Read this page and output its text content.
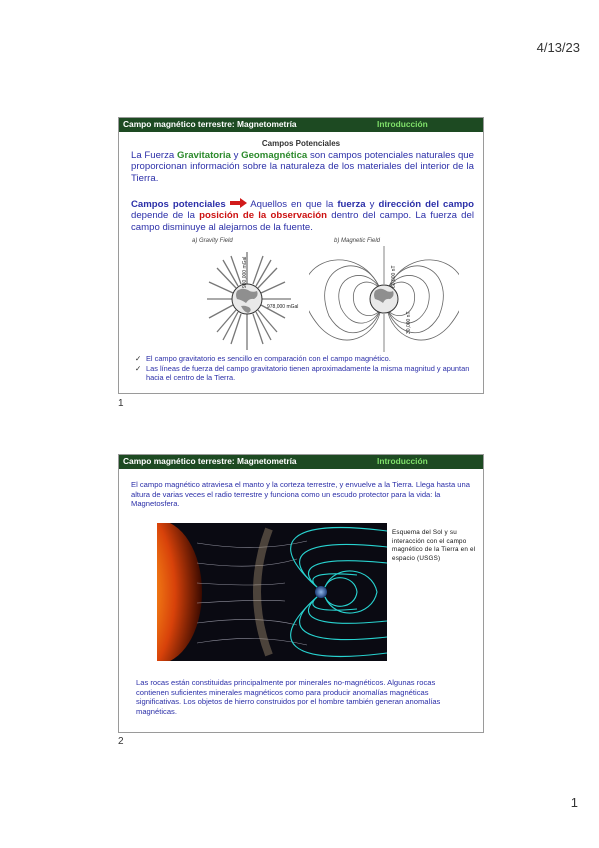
4/13/23
Campo magnético terrestre: Magnetometría	Introducción
Campos Potenciales
La Fuerza Gravitatoria y Geomagnética son campos potenciales naturales que proporcionan información sobre la naturaleza de los materiales del interior de la Tierra.
Campos potenciales  Aquellos en que la fuerza y dirección del campo depende de la posición de la observación dentro del campo. La fuerza del campo disminuye al alejarnos de la fuente.
a) Gravity Field	b) Magnetic Field
980,000 mGal
978,000 mGal
60,000 nT
30,000 nT
✓ El campo gravitatorio es sencillo en comparación con el campo magnético.
✓ Las líneas de fuerza del campo gravitatorio tienen aproximadamente la misma magnitud y apuntan hacia el centro de la Tierra.
1
Campo magnético terrestre: Magnetometría	Introducción
El campo magnético atraviesa el manto y la corteza terrestre, y envuelve a la Tierra. Llega hasta una altura de varias veces el radio terrestre y funciona como un escudo protector para la vida: la Magnetosfera.
Esquema del Sol y su interacción con el campo magnético de la Tierra en el espacio (USGS)
Las rocas están constituidas principalmente por minerales no-magnéticos. Algunas rocas contienen suficientes minerales magnéticos como para producir anomalías magnéticas significativas. Los objetos de hierro construidos por el hombre también generan anomalías magnéticas.
2
1
